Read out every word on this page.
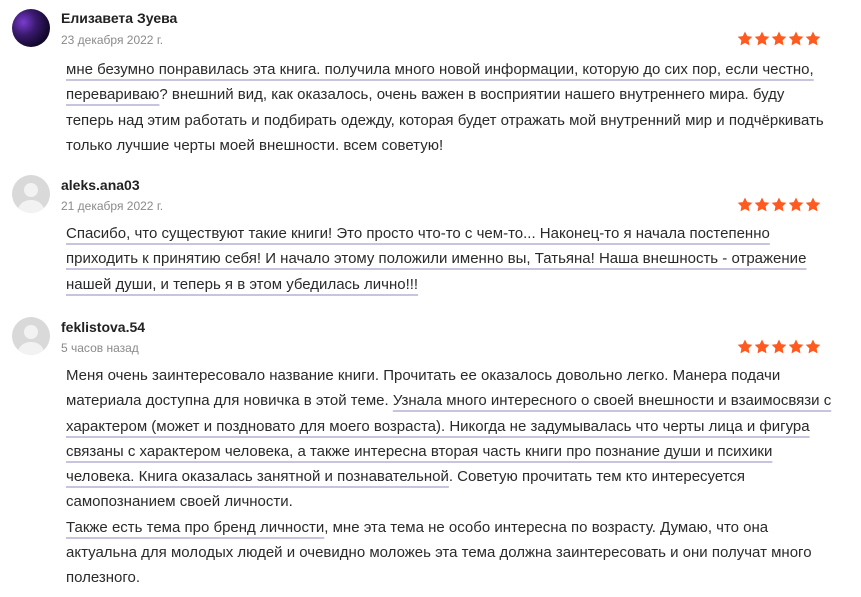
Елизавета Зуева
23 декабря 2022 г.

мне безумно понравилась эта книга. получила много новой информации, которую до сих пор, если честно, перевариваю? внешний вид, как оказалось, очень важен в восприятии нашего внутреннего мира. буду теперь над этим работать и подбирать одежду, которая будет отражать мой внутренний мир и подчёркивать только лучшие черты моей внешности. всем советую!

aleks.ana03
21 декабря 2022 г.

Спасибо, что существуют такие книги! Это просто что-то с чем-то... Наконец-то я начала постепенно приходить к принятию себя! И начало этому положили именно вы, Татьяна! Наша внешность - отражение нашей души, и теперь я в этом убедилась лично!!!

feklistova.54
5 часов назад

Меня очень заинтересовало название книги. Прочитать ее оказалось довольно легко. Манера подачи материала доступна для новичка в этой теме. Узнала много интересного о своей внешности и взаимосвязи с характером (может и поздновато для моего возраста). Никогда не задумывалась что черты лица и фигура связаны с характером человека, а также интересна вторая часть книги про познание души и психики человека. Книга оказалась занятной и познавательной. Советую прочитать тем кто интересуется самопознанием своей личности.

Также есть тема про бренд личности, мне эта тема не особо интересна по возрасту. Думаю, что она актуальна для молодых людей и очевидно моложеь эта тема должна заинтересовать и они получат много полезного.
